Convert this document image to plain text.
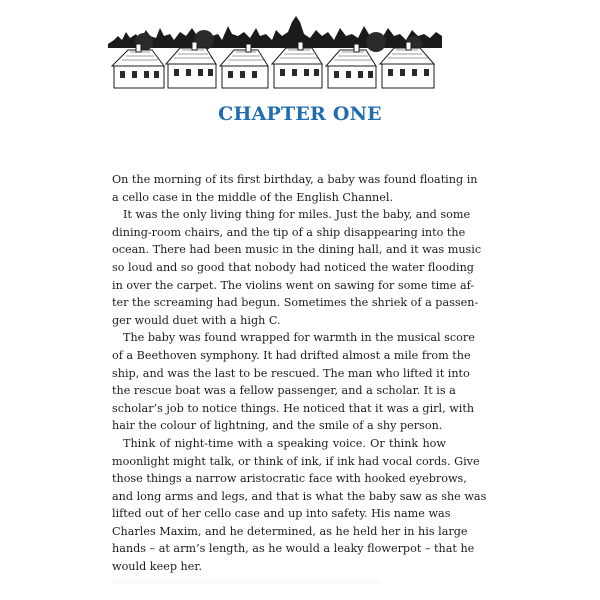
CHAPTER ONE
On the morning of its first birthday, a baby was found floating in
a cello case in the middle of the English Channel.
It was the only living thing for miles. Just the baby, and some
dining-room chairs, and the tip of a ship disappearing into the
ocean. There had been music in the dining hall, and it was music
so loud and so good that nobody had noticed the water flooding
in over the carpet. The violins went on sawing for some time af-
ter the screaming had begun. Sometimes the shriek of a passen-
ger would duet with a high C.
The baby was found wrapped for warmth in the musical score
of a Beethoven symphony. It had drifted almost a mile from the
ship, and was the last to be rescued. The man who lifted it into
the rescue boat was a fellow passenger, and a scholar. It is a
scholar’s job to notice things. He noticed that it was a girl, with
hair the colour of lightning, and the smile of a shy person.
Think of night-time with a speaking voice. Or think how
moonlight might talk, or think of ink, if ink had vocal cords. Give
those things a narrow aristocratic face with hooked eyebrows,
and long arms and legs, and that is what the baby saw as she was
lifted out of her cello case and up into safety. His name was
Charles Maxim, and he determined, as he held her in his large
hands – at arm’s length, as he would a leaky flowerpot – that he
would keep her.
